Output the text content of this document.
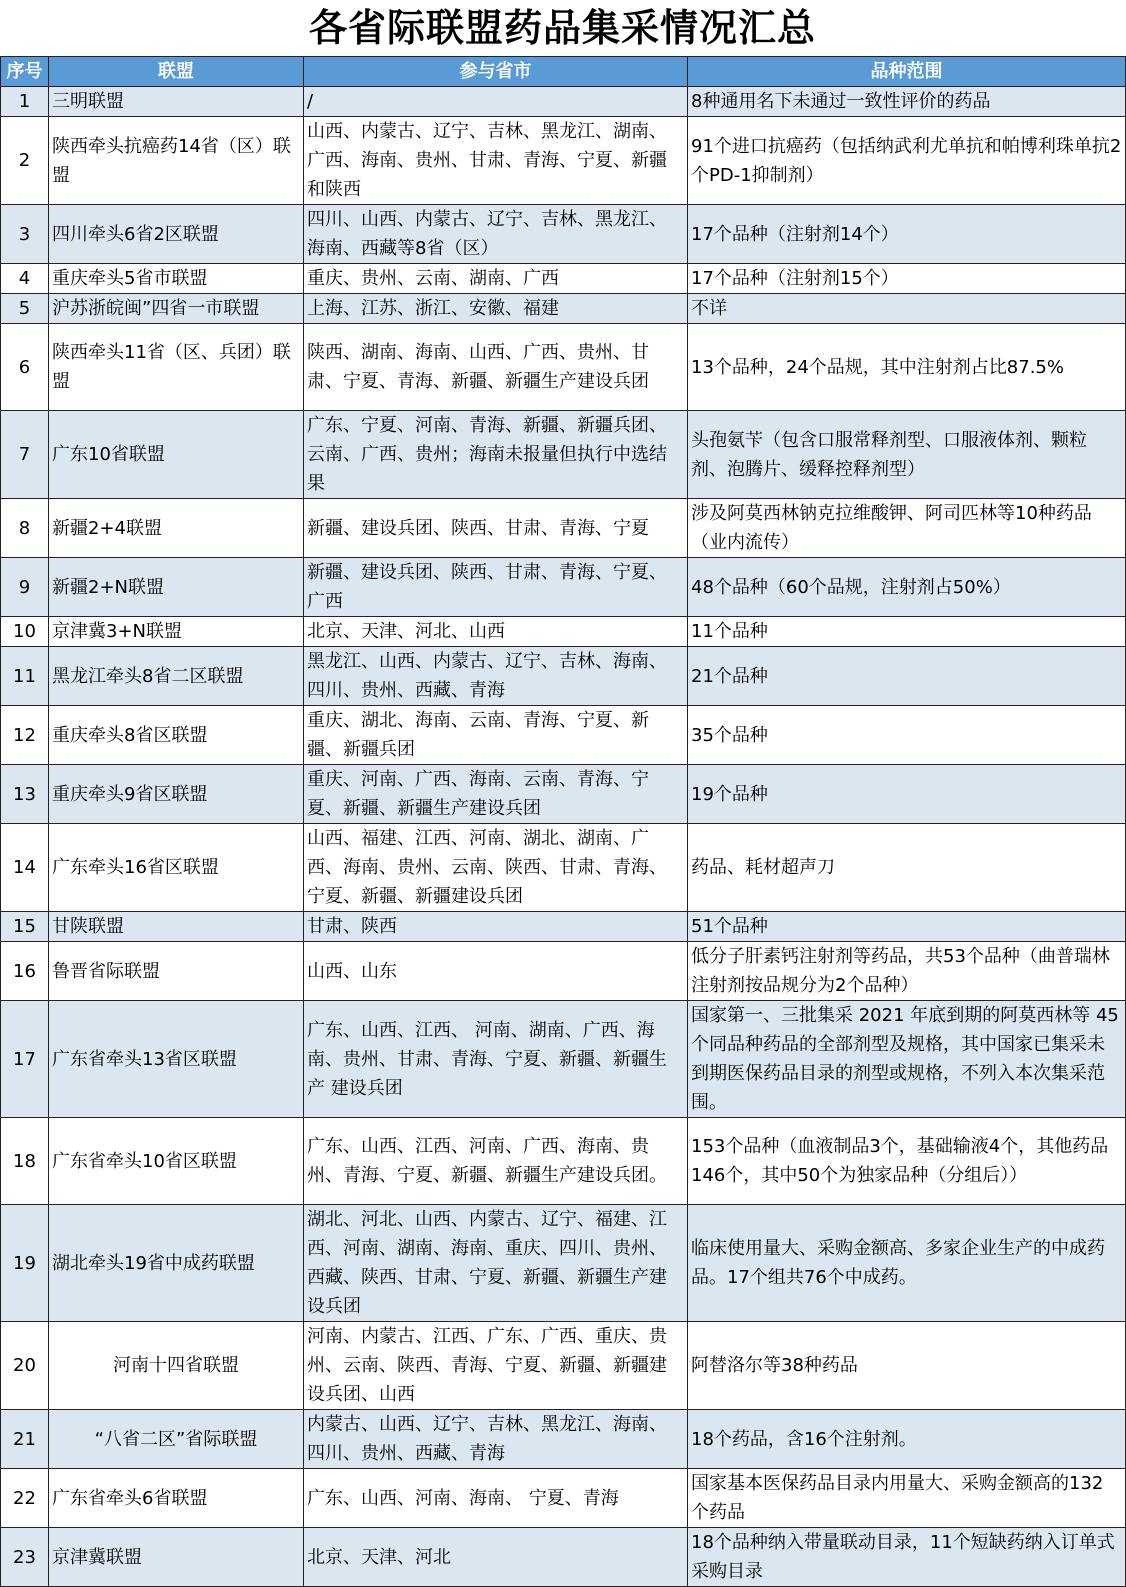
各省际联盟药品集采情况汇总
序号	联盟	参与省市	品种范围
1	三明联盟	/	8种通用名下未通过一致性评价的药品
2	陕西牵头抗癌药14省（区）联盟	山西、内蒙古、辽宁、吉林、黑龙江、湖南、广西、海南、贵州、甘肃、青海、宁夏、新疆和陕西	91个进口抗癌药（包括纳武利尤单抗和帕博利珠单抗2个PD-1抑制剂）
3	四川牵头6省2区联盟	四川、山西、内蒙古、辽宁、吉林、黑龙江、海南、西藏等8省（区）	17个品种（注射剂14个）
4	重庆牵头5省市联盟	重庆、贵州、云南、湖南、广西	17个品种（注射剂15个）
5	沪苏浙皖闽”四省一市联盟	上海、江苏、浙江、安徽、福建	不详
6	陕西牵头11省（区、兵团）联盟	陕西、湖南、海南、山西、广西、贵州、甘肃、宁夏、青海、新疆、新疆生产建设兵团	13个品种，24个品规，其中注射剂占比87.5%
7	广东10省联盟	广东、宁夏、河南、青海、新疆、新疆兵团、云南、广西、贵州；海南未报量但执行中选结果	头孢氨苄（包含口服常释剂型、口服液体剂、颗粒剂、泡腾片、缓释控释剂型）
8	新疆2+4联盟	新疆、建设兵团、陕西、甘肃、青海、宁夏	涉及阿莫西林钠克拉维酸钾、阿司匹林等10种药品（业内流传）
9	新疆2+N联盟	新疆、建设兵团、陕西、甘肃、青海、宁夏、广西	48个品种（60个品规，注射剂占50%）
10	京津冀3+N联盟	北京、天津、河北、山西	11个品种
11	黑龙江牵头8省二区联盟	黑龙江、山西、内蒙古、辽宁、吉林、海南、四川、贵州、西藏、青海	21个品种
12	重庆牵头8省区联盟	重庆、湖北、海南、云南、青海、宁夏、新疆、新疆兵团	35个品种
13	重庆牵头9省区联盟	重庆、河南、广西、海南、云南、青海、宁夏、新疆、新疆生产建设兵团	19个品种
14	广东牵头16省区联盟	山西、福建、江西、河南、湖北、湖南、广西、海南、贵州、云南、陕西、甘肃、青海、宁夏、新疆、新疆建设兵团	药品、耗材超声刀
15	甘陕联盟	甘肃、陕西	51个品种
16	鲁晋省际联盟	山西、山东	低分子肝素钙注射剂等药品，共53个品种（曲普瑞林注射剂按品规分为2个品种）
17	广东省牵头13省区联盟	广东、山西、江西、 河南、湖南、广西、海南、贵州、甘肃、青海、宁夏、新疆、新疆生产 建设兵团	国家第一、三批集采 2021 年底到期的阿莫西林等 45 个同品种药品的全部剂型及规格，其中国家已集采未到期医保药品目录的剂型或规格，不列入本次集采范围。
18	广东省牵头10省区联盟	广东、山西、江西、河南、广西、海南、贵州、青海、宁夏、新疆、新疆生产建设兵团。	153个品种（血液制品3个，基础输液4个，其他药品146个，其中50个为独家品种（分组后））
19	湖北牵头19省中成药联盟	湖北、河北、山西、内蒙古、辽宁、福建、江西、河南、湖南、海南、重庆、四川、贵州、西藏、陕西、甘肃、宁夏、新疆、新疆生产建设兵团	临床使用量大、采购金额高、多家企业生产的中成药品。17个组共76个中成药。
20	河南十四省联盟	河南、内蒙古、江西、广东、广西、重庆、贵州、云南、陕西、青海、宁夏、新疆、新疆建设兵团、山西	阿替洛尔等38种药品
21	“八省二区”省际联盟	内蒙古、山西、辽宁、吉林、黑龙江、海南、四川、贵州、西藏、青海	18个药品，含16个注射剂。
22	广东省牵头6省联盟	广东、山西、河南、海南、 宁夏、青海	国家基本医保药品目录内用量大、采购金额高的132 个药品
23	京津冀联盟	北京、天津、河北	18个品种纳入带量联动目录，11个短缺药纳入订单式采购目录
